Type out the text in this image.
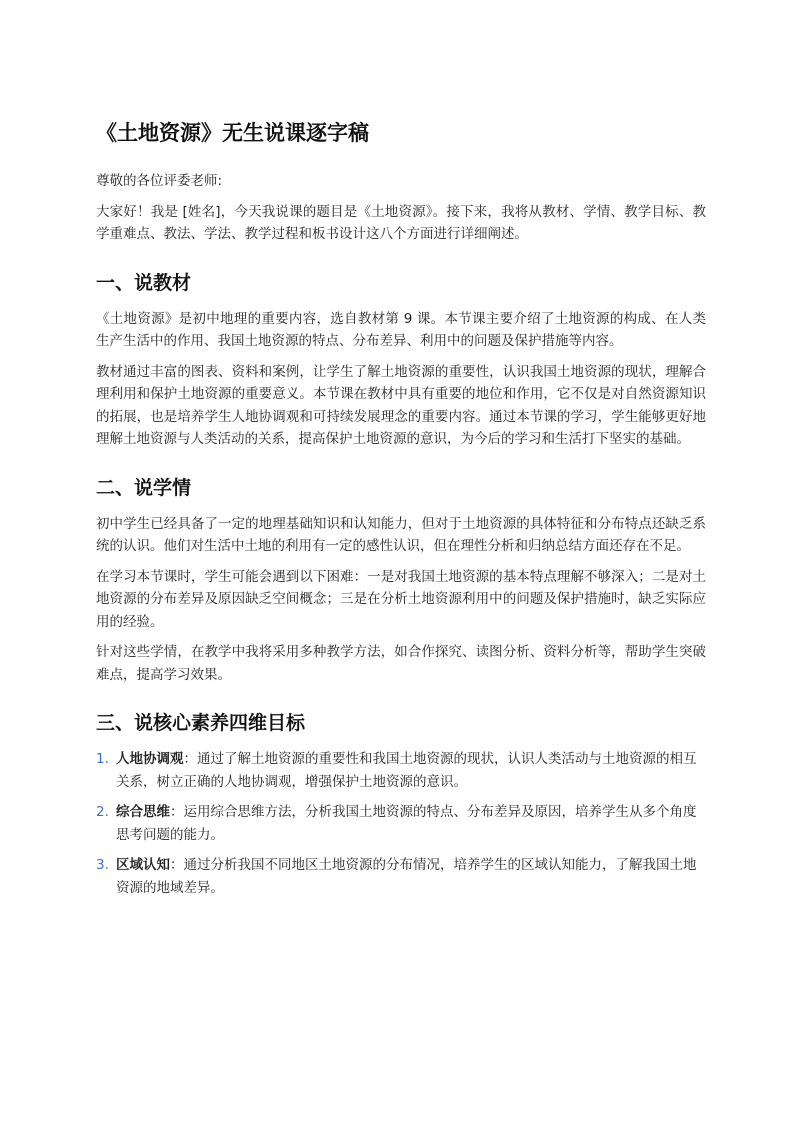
《土地资源》无生说课逐字稿

尊敬的各位评委老师:

大家好！我是 [姓名]，今天我说课的题目是《土地资源》。接下来，我将从教材、学情、教学目标、教学重难点、教法、学法、教学过程和板书设计这八个方面进行详细阐述。

一、说教材

《土地资源》是初中地理的重要内容，选自教材第 9 课。本节课主要介绍了土地资源的构成、在人类生产生活中的作用、我国土地资源的特点、分布差异、利用中的问题及保护措施等内容。

教材通过丰富的图表、资料和案例，让学生了解土地资源的重要性，认识我国土地资源的现状，理解合理利用和保护土地资源的重要意义。本节课在教材中具有重要的地位和作用，它不仅是对自然资源知识的拓展，也是培养学生人地协调观和可持续发展理念的重要内容。通过本节课的学习，学生能够更好地理解土地资源与人类活动的关系，提高保护土地资源的意识，为今后的学习和生活打下坚实的基础。

二、说学情

初中学生已经具备了一定的地理基础知识和认知能力，但对于土地资源的具体特征和分布特点还缺乏系统的认识。他们对生活中土地的利用有一定的感性认识，但在理性分析和归纳总结方面还存在不足。

在学习本节课时，学生可能会遇到以下困难：一是对我国土地资源的基本特点理解不够深入；二是对土地资源的分布差异及原因缺乏空间概念；三是在分析土地资源利用中的问题及保护措施时，缺乏实际应用的经验。

针对这些学情，在教学中我将采用多种教学方法，如合作探究、读图分析、资料分析等，帮助学生突破难点，提高学习效果。

三、说核心素养四维目标
1. 人地协调观：通过了解土地资源的重要性和我国土地资源的现状，认识人类活动与土地资源的相互关系，树立正确的人地协调观，增强保护土地资源的意识。
2. 综合思维：运用综合思维方法，分析我国土地资源的特点、分布差异及原因，培养学生从多个角度思考问题的能力。
3. 区域认知：通过分析我国不同地区土地资源的分布情况，培养学生的区域认知能力，了解我国土地资源的地域差异。
